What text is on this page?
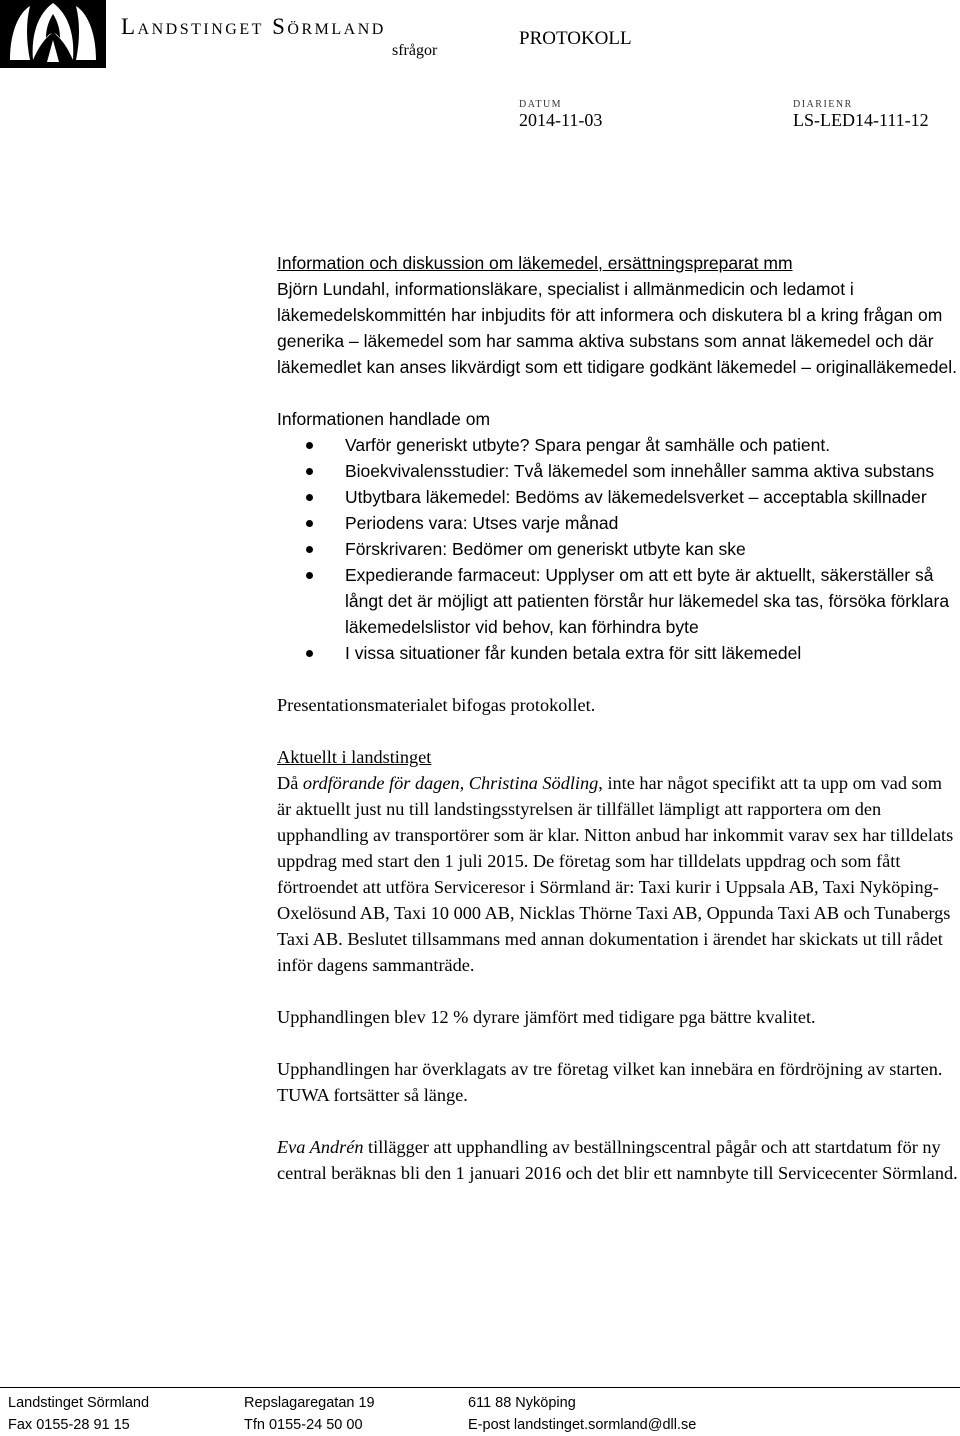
Landstinget Sörmland
sfrågor
PROTOKOLL
DATUM
2014-11-03
DIARIENR
LS-LED14-111-12

Information och diskussion om läkemedel, ersättningspreparat mm

Björn Lundahl, informationsläkare, specialist i allmänmedicin och ledamot i läkemedelskommittén har inbjudits för att informera och diskutera bl a kring frågan om generika – läkemedel som har samma aktiva substans som annat läkemedel och där läkemedlet kan anses likvärdigt som ett tidigare godkänt läkemedel – originalläkemedel.

Informationen handlade om

Varför generiskt utbyte? Spara pengar åt samhälle och patient.
Bioekvivalensstudier: Två läkemedel som innehåller samma aktiva substans
Utbytbara läkemedel: Bedöms av läkemedelsverket – acceptabla skillnader
Periodens vara: Utses varje månad
Förskrivaren: Bedömer om generiskt utbyte kan ske
Expedierande farmaceut: Upplyser om att ett byte är aktuellt, säkerställer så långt det är möjligt att patienten förstår hur läkemedel ska tas, försöka förklara läkemedelslistor vid behov, kan förhindra byte
I vissa situationer får kunden betala extra för sitt läkemedel

Presentationsmaterialet bifogas protokollet.

Aktuellt i landstinget

Då ordförande för dagen, Christina Södling, inte har något specifikt att ta upp om vad som är aktuellt just nu till landstingsstyrelsen är tillfället lämpligt att rapportera om den upphandling av transportörer som är klar. Nitton anbud har inkommit varav sex har tilldelats uppdrag med start den 1 juli 2015. De företag som har tilldelats uppdrag och som fått förtroendet att utföra Serviceresor i Sörmland är: Taxi kurir i Uppsala AB, Taxi Nyköping-Oxelösund AB, Taxi 10 000 AB, Nicklas Thörne Taxi AB, Oppunda Taxi AB och Tunabergs Taxi AB. Beslutet tillsammans med annan dokumentation i ärendet har skickats ut till rådet inför dagens sammanträde.

Upphandlingen blev 12 % dyrare jämfört med tidigare pga bättre kvalitet.

Upphandlingen har överklagats av tre företag vilket kan innebära en fördröjning av starten. TUWA fortsätter så länge.

Eva Andrén tillägger att upphandling av beställningscentral pågår och att startdatum för ny central beräknas bli den 1 januari 2016 och det blir ett namnbyte till Servicecenter Sörmland.

Landstinget Sörmland
Fax 0155-28 91 15
Repslagaregatan 19
Tfn 0155-24 50 00
611 88 Nyköping
E-post landstinget.sormland@dll.se
